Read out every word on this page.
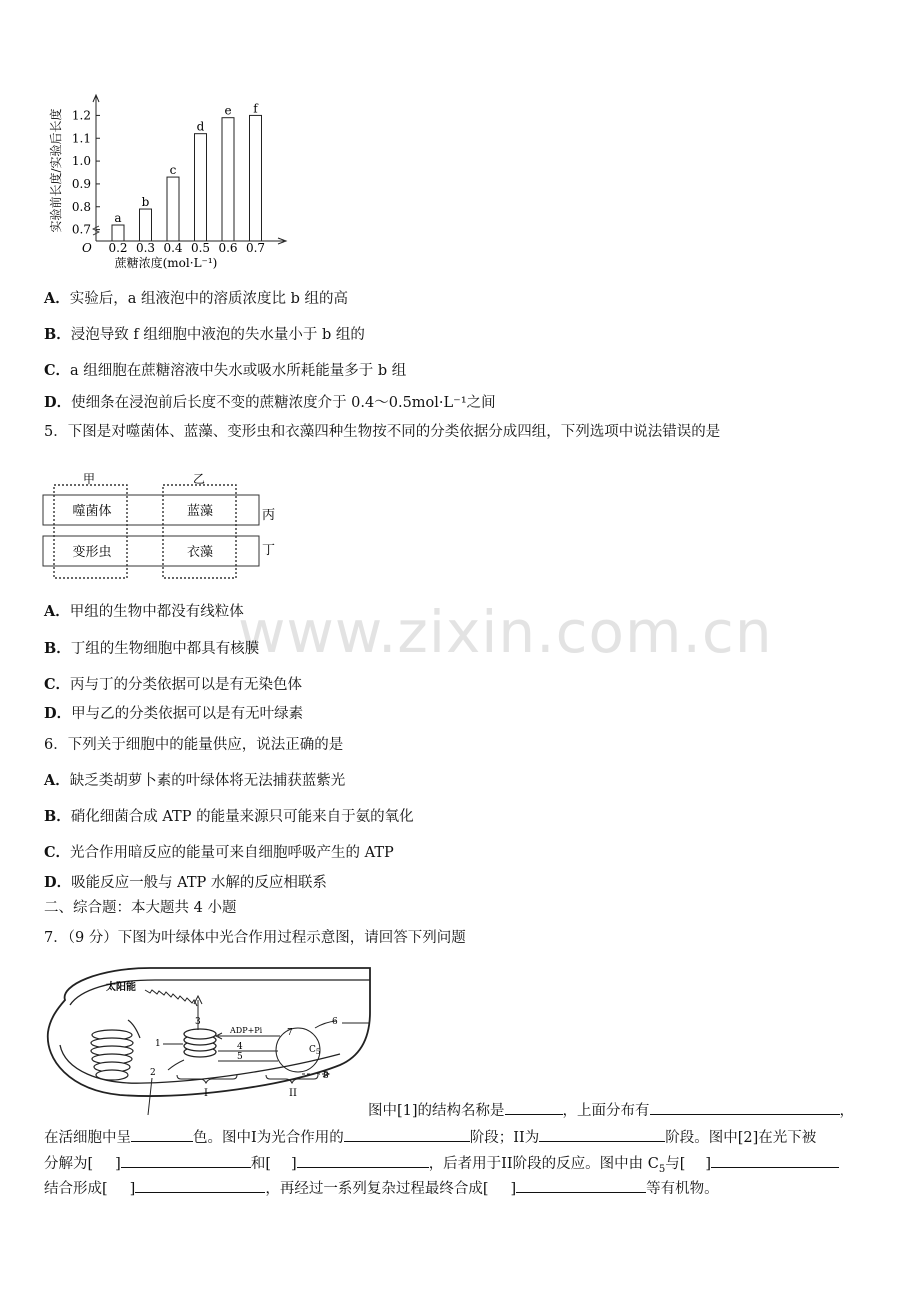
www.zixin.com.cn
0.7
0.8
0.9
1.0
1.1
1.2
O
a
0.2
b
0.3
c
0.4
d
0.5
e
0.6
f
0.7
蔗糖浓度(mol·L⁻¹)
实验前长度/实验后长度
A．实验后，a 组液泡中的溶质浓度比 b 组的高
B．浸泡导致 f 组细胞中液泡的失水量小于 b 组的
C．a 组细胞在蔗糖溶液中失水或吸水所耗能量多于 b 组
D．使细条在浸泡前后长度不变的蔗糖浓度介于 0.4～0.5mol·L⁻¹之间
5．下图是对噬菌体、蓝藻、变形虫和衣藻四种生物按不同的分类依据分成四组，下列选项中说法错误的是
甲	乙
丙
丁
噬菌体	蓝藻
变形虫	衣藻
A．甲组的生物中都没有线粒体
B．丁组的生物细胞中都具有核膜
C．丙与丁的分类依据可以是有无染色体
D．甲与乙的分类依据可以是有无叶绿素
6．下列关于细胞中的能量供应，说法正确的是
A．缺乏类胡萝卜素的叶绿体将无法捕获蓝紫光
B．硝化细菌合成 ATP 的能量来源只可能来自于氨的氧化
C．光合作用暗反应的能量可来自细胞呼吸产生的 ATP
D．吸能反应一般与 ATP 水解的反应相联系
二、综合题：本大题共 4 小题
7．（9 分）下图为叶绿体中光合作用过程示意图，请回答下列问题
太阳能
3
$C_5$
7
6
ADP+Pi
4
5
1
2	8
I	II
图中[1]的结构名称是	，上面分布有	，
在活细胞中呈	色。图中I为光合作用的	阶段；II为	阶段。图中[2]在光下被
分解为[ ]	和[ ]	，后者用于II阶段的反应。图中由 $C_5$与[ ]
结合形成[ ]	，再经过一系列复杂过程最终合成[ ]	等有机物。
